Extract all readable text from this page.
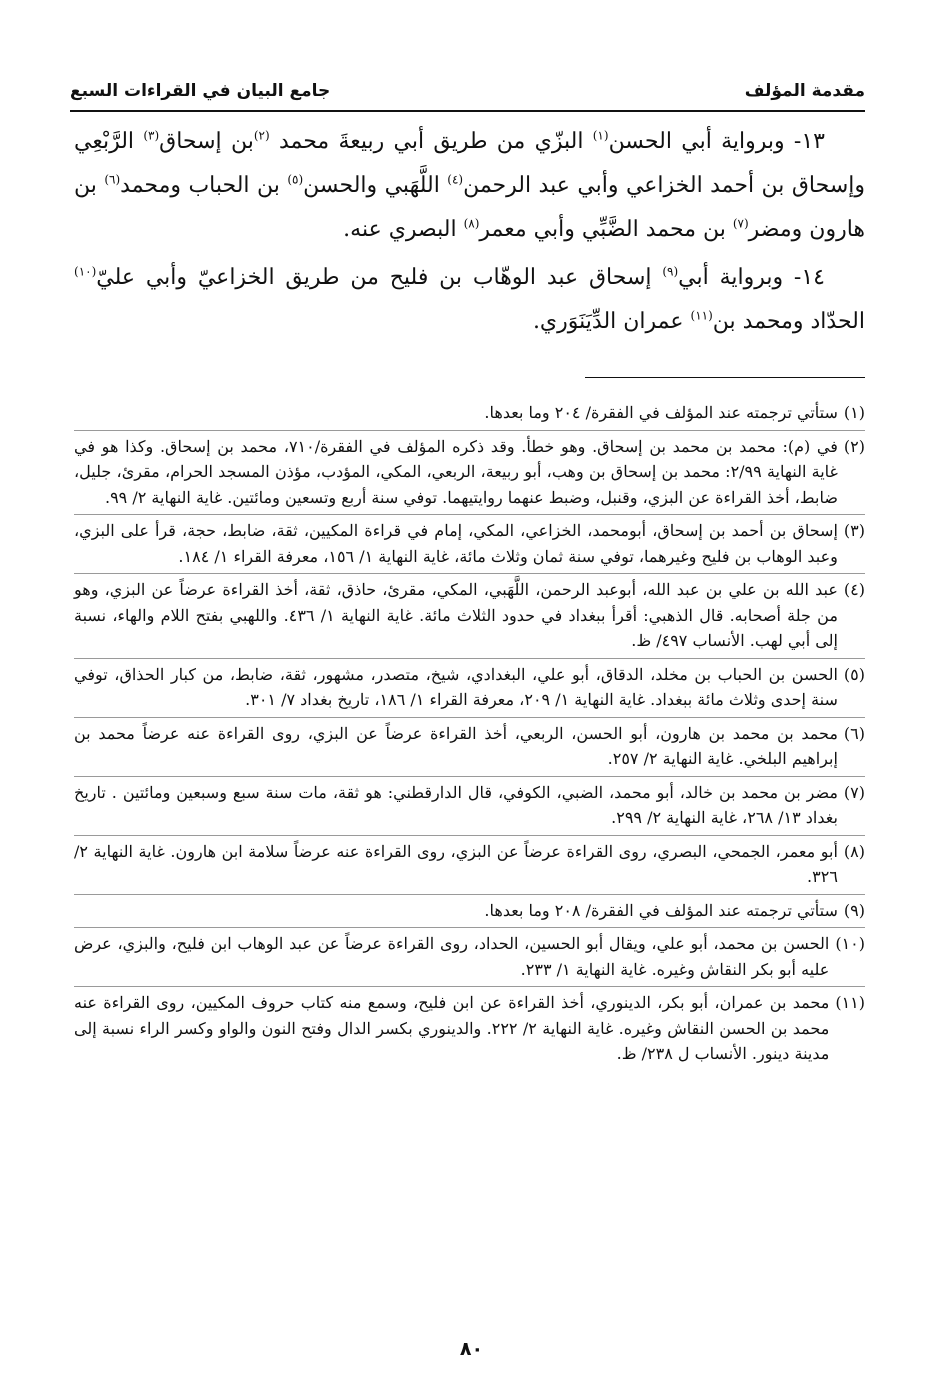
مقدمة المؤلف
جامع البيان في القراءات السبع

١٣- وبرواية أبي الحسن$^{(١)}$ البزّي من طريق أبي ربيعةَ محمد $^{(٢)}$بن إسحاق$^{(٣)}$ الرَّبْعِي وإسحاق بن أحمد الخزاعي وأبي عبد الرحمن$^{(٤)}$ اللَّهَبي والحسن$^{(٥)}$ بن الحباب ومحمد$^{(٦)}$ بن هارون ومضر$^{(٧)}$ بن محمد الضَّبِّي وأبي معمر$^{(٨)}$ البصري عنه.

١٤- وبرواية أبي$^{(٩)}$ إسحاق عبد الوهّاب بن فليح من طريق الخزاعيّ وأبي عليّ$^{(١٠)}$ الحدّاد ومحمد بن$^{(١١)}$ عمران الدِّيَنَوَري.

(١)
ستأتي ترجمته عند المؤلف في الفقرة/ ٢٠٤ وما بعدها.
(٢)
في (م): محمد بن محمد بن إسحاق. وهو خطأ. وقد ذكره المؤلف في الفقرة/٧١٠، محمد بن إسحاق. وكذا هو في غاية النهاية ٢/٩٩: محمد بن إسحاق بن وهب، أبو ربيعة، الربعي، المكي، المؤدب، مؤذن المسجد الحرام، مقرئ، جليل، ضابط، أخذ القراءة عن البزي، وقنبل، وضبط عنهما روايتيهما. توفي سنة أربع وتسعين ومائتين. غاية النهاية ٢/ ٩٩.
(٣)
إسحاق بن أحمد بن إسحاق، أبومحمد، الخزاعي، المكي، إمام في قراءة المكيين، ثقة، ضابط، حجة، قرأ على البزي، وعبد الوهاب بن فليح وغيرهما، توفي سنة ثمان وثلاث مائة، غاية النهاية ١/ ١٥٦، معرفة القراء ١/ ١٨٤.
(٤)
عبد الله بن علي بن عبد الله، أبوعبد الرحمن، اللَّهَبي، المكي، مقرئ، حاذق، ثقة، أخذ القراءة عرضاً عن البزي، وهو من جلة أصحابه. قال الذهبي: أقرأ ببغداد في حدود الثلاث مائة. غاية النهاية ١/ ٤٣٦. واللهبي بفتح اللام والهاء، نسبة إلى أبي لهب. الأنساب ٤٩٧/ ظ.
(٥)
الحسن بن الحباب بن مخلد، الدقاق، أبو علي، البغدادي، شيخ، متصدر، مشهور، ثقة، ضابط، من كبار الحذاق، توفي سنة إحدى وثلاث مائة ببغداد. غاية النهاية ١/ ٢٠٩، معرفة القراء ١/ ١٨٦، تاريخ بغداد ٧/ ٣٠١.
(٦)
محمد بن محمد بن هارون، أبو الحسن، الربعي، أخذ القراءة عرضاً عن البزي، روى القراءة عنه عرضاً محمد بن إبراهيم البلخي. غاية النهاية ٢/ ٢٥٧.
(٧)
مضر بن محمد بن خالد، أبو محمد، الضبي، الكوفي، قال الدارقطني: هو ثقة، مات سنة سبع وسبعين ومائتين . تاريخ بغداد ١٣/ ٢٦٨، غاية النهاية ٢/ ٢٩٩.
(٨)
أبو معمر، الجمحي، البصري، روى القراءة عرضاً عن البزي، روى القراءة عنه عرضاً سلامة ابن هارون. غاية النهاية ٢/ ٣٢٦.
(٩)
ستأتي ترجمته عند المؤلف في الفقرة/ ٢٠٨ وما بعدها.
(١٠)
الحسن بن محمد، أبو علي، ويقال أبو الحسين، الحداد، روى القراءة عرضاً عن عبد الوهاب ابن فليح، والبزي، عرض عليه أبو بكر النقاش وغيره. غاية النهاية ١/ ٢٣٣.
(١١)
محمد بن عمران، أبو بكر، الدينوري، أخذ القراءة عن ابن فليح، وسمع منه كتاب حروف المكيين، روى القراءة عنه محمد بن الحسن النقاش وغيره. غاية النهاية ٢/ ٢٢٢. والدينوري بكسر الدال وفتح النون والواو وكسر الراء نسبة إلى مدينة دينور. الأنساب ل ٢٣٨/ ظ.
٨٠
